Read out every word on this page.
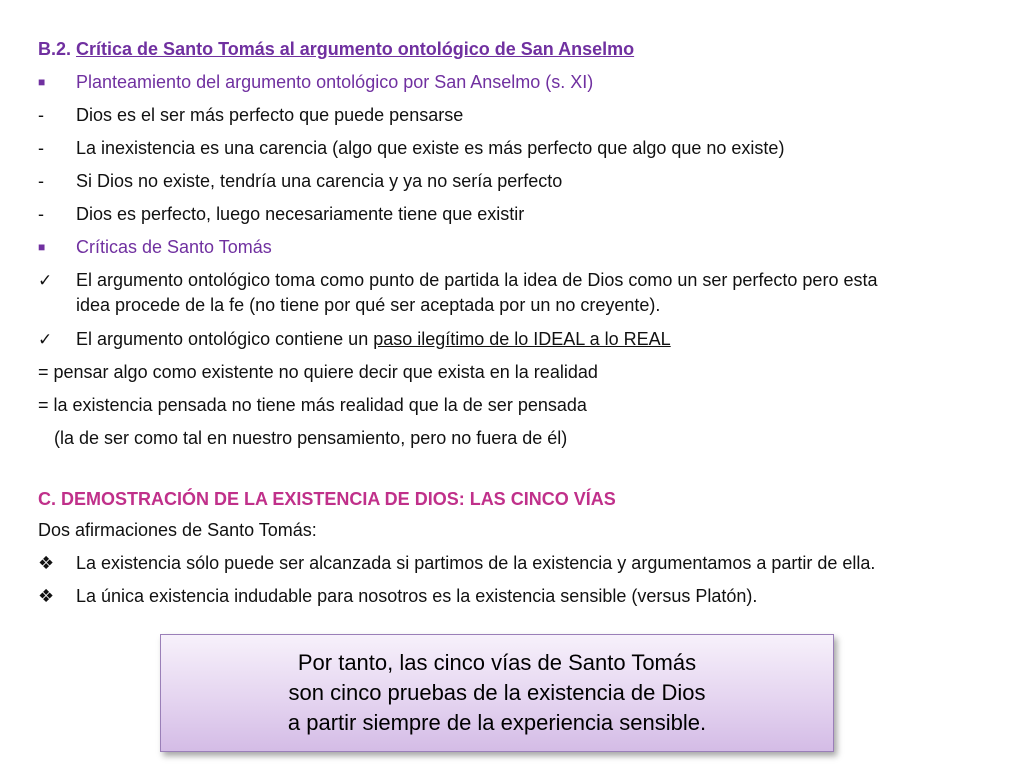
B.2. Crítica de Santo Tomás al argumento ontológico de San Anselmo
■ Planteamiento del argumento ontológico por San Anselmo (s. XI)
- Dios es el ser más perfecto que puede pensarse
- La inexistencia es una carencia (algo que existe es más perfecto que algo que no existe)
- Si Dios no existe, tendría una carencia y ya no sería perfecto
- Dios es perfecto, luego necesariamente tiene que existir
■ Críticas de Santo Tomás
✓ El argumento ontológico toma como punto de partida la idea de Dios como un ser perfecto pero esta
idea procede de la fe (no tiene por qué ser aceptada por un no creyente).
✓ El argumento ontológico contiene un paso ilegítimo de lo IDEAL a lo REAL
= pensar algo como existente no quiere decir que exista en la realidad
= la existencia pensada no tiene más realidad que la de ser pensada
(la de ser como tal en nuestro pensamiento, pero no fuera de él)
C. DEMOSTRACIÓN DE LA EXISTENCIA DE DIOS: LAS CINCO VÍAS
Dos afirmaciones de Santo Tomás:
❖ La existencia sólo puede ser alcanzada si partimos de la existencia y argumentamos a partir de ella.
❖ La única existencia indudable para nosotros es la existencia sensible (versus Platón).
Por tanto, las cinco vías de Santo Tomás
son cinco pruebas de la existencia de Dios
a partir siempre de la experiencia sensible.
